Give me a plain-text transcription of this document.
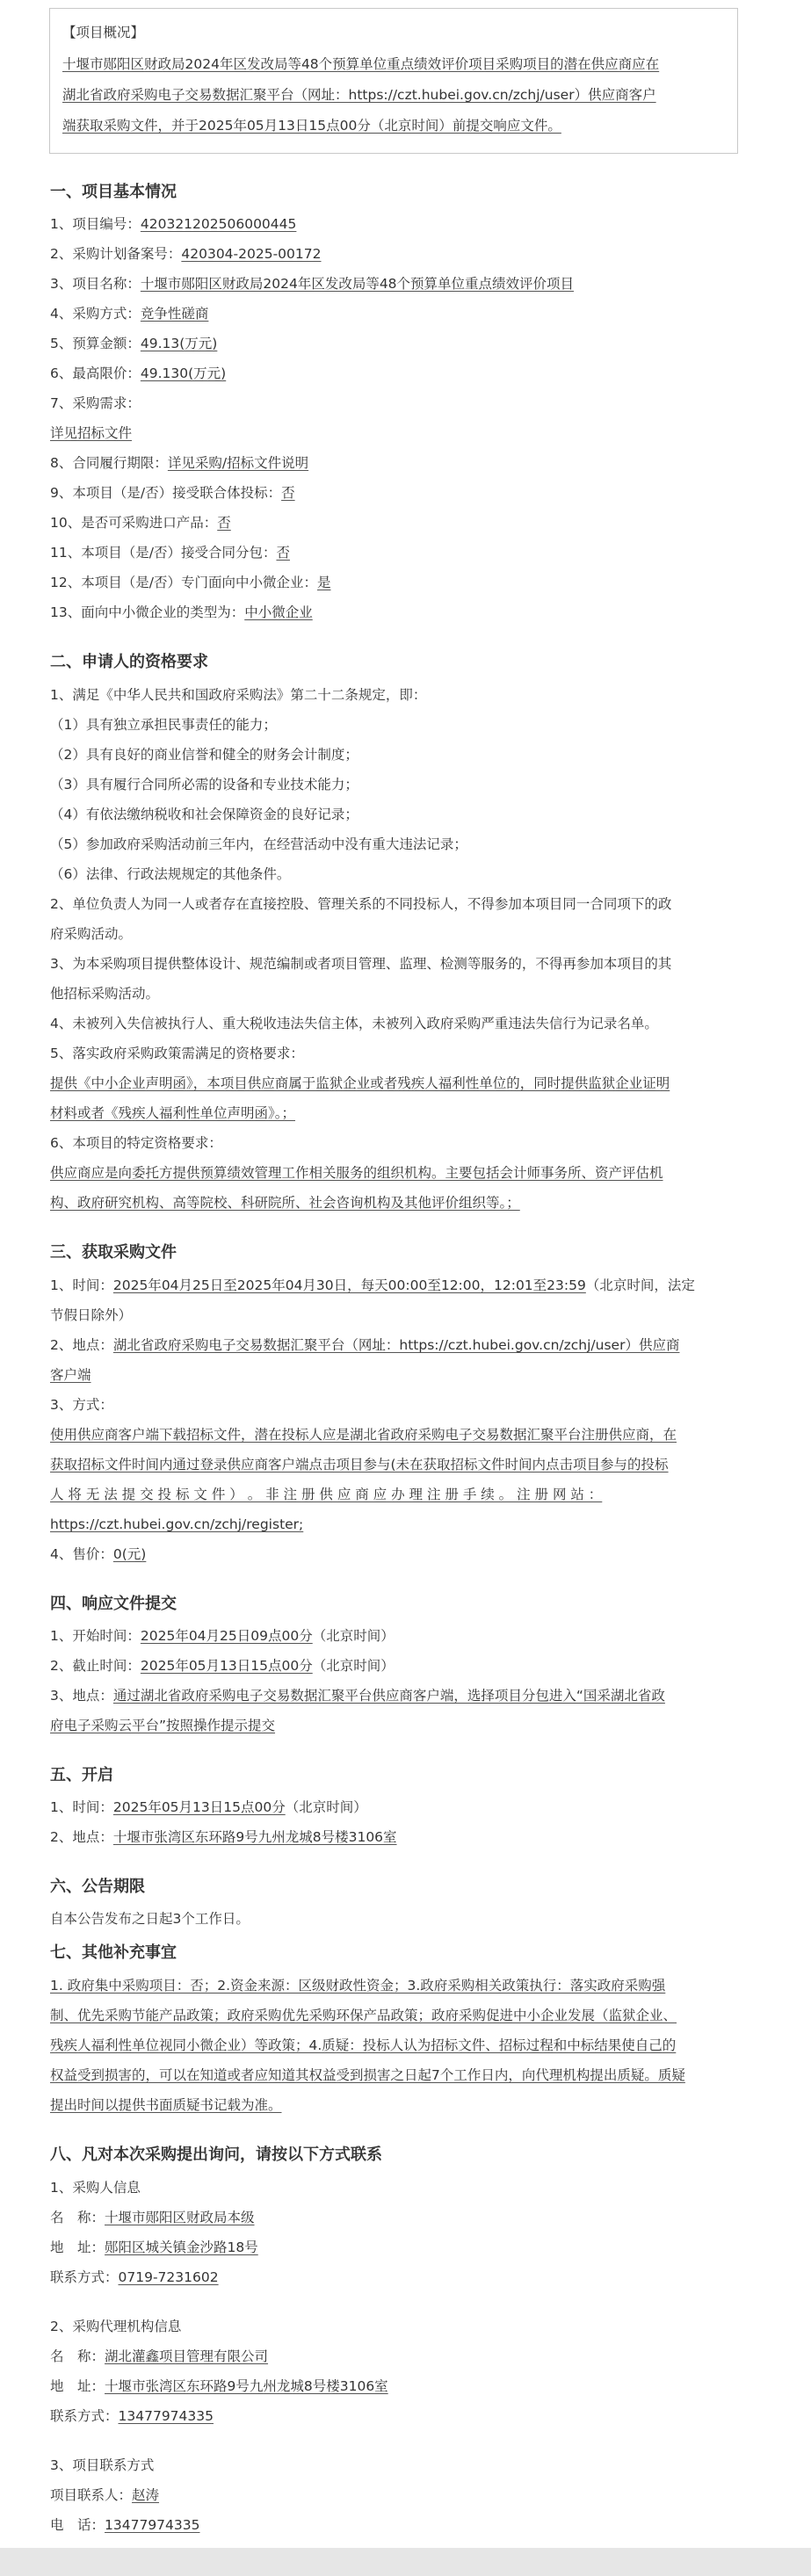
【项目概况】
十堰市郧阳区财政局2024年区发改局等48个预算单位重点绩效评价项目采购项目的潜在供应商应在
湖北省政府采购电子交易数据汇聚平台（网址：https://czt.hubei.gov.cn/zchj/user）供应商客户
端获取采购文件，并于2025年05月13日15点00分（北京时间）前提交响应文件。
一、项目基本情况
1、项目编号：420321202506000445
2、采购计划备案号：420304-2025-00172
3、项目名称：十堰市郧阳区财政局2024年区发改局等48个预算单位重点绩效评价项目
4、采购方式：竞争性磋商
5、预算金额：49.13(万元)
6、最高限价：49.130(万元)
7、采购需求：
详见招标文件
8、合同履行期限：详见采购/招标文件说明
9、本项目（是/否）接受联合体投标：否
10、是否可采购进口产品：否
11、本项目（是/否）接受合同分包：否
12、本项目（是/否）专门面向中小微企业：是
13、面向中小微企业的类型为：中小微企业
二、申请人的资格要求
1、满足《中华人民共和国政府采购法》第二十二条规定，即：
（1）具有独立承担民事责任的能力；
（2）具有良好的商业信誉和健全的财务会计制度；
（3）具有履行合同所必需的设备和专业技术能力；
（4）有依法缴纳税收和社会保障资金的良好记录；
（5）参加政府采购活动前三年内，在经营活动中没有重大违法记录；
（6）法律、行政法规规定的其他条件。
2、单位负责人为同一人或者存在直接控股、管理关系的不同投标人，不得参加本项目同一合同项下的政
府采购活动。
3、为本采购项目提供整体设计、规范编制或者项目管理、监理、检测等服务的，不得再参加本项目的其
他招标采购活动。
4、未被列入失信被执行人、重大税收违法失信主体，未被列入政府采购严重违法失信行为记录名单。
5、落实政府采购政策需满足的资格要求：
提供《中小企业声明函》，本项目供应商属于监狱企业或者残疾人福利性单位的，同时提供监狱企业证明
材料或者《残疾人福利性单位声明函》。；
6、本项目的特定资格要求：
供应商应是向委托方提供预算绩效管理工作相关服务的组织机构。主要包括会计师事务所、资产评估机
构、政府研究机构、高等院校、科研院所、社会咨询机构及其他评价组织等。；
三、获取采购文件
1、时间：2025年04月25日至2025年04月30日，每天00:00至12:00，12:01至23:59（北京时间，法定
节假日除外）
2、地点：湖北省政府采购电子交易数据汇聚平台（网址：https://czt.hubei.gov.cn/zchj/user）供应商
客户端
3、方式：
使用供应商客户端下载招标文件，潜在投标人应是湖北省政府采购电子交易数据汇聚平台注册供应商，在
获取招标文件时间内通过登录供应商客户端点击项目参与(未在获取招标文件时间内点击项目参与的投标
人 将 无 法 提 交 投 标 文 件 ） 。 非 注 册 供 应 商 应 办 理 注 册 手 续 。 注 册 网 站 ：
https://czt.hubei.gov.cn/zchj/register;
4、售价：0(元)
四、响应文件提交
1、开始时间：2025年04月25日09点00分（北京时间）
2、截止时间：2025年05月13日15点00分（北京时间）
3、地点：通过湖北省政府采购电子交易数据汇聚平台供应商客户端，选择项目分包进入“国采湖北省政
府电子采购云平台”按照操作提示提交
五、开启
1、时间：2025年05月13日15点00分（北京时间）
2、地点：十堰市张湾区东环路9号九州龙城8号楼3106室
六、公告期限
自本公告发布之日起3个工作日。
七、其他补充事宜
1. 政府集中采购项目：否；2.资金来源：区级财政性资金；3.政府采购相关政策执行：落实政府采购强
制、优先采购节能产品政策；政府采购优先采购环保产品政策；政府采购促进中小企业发展（监狱企业、
残疾人福利性单位视同小微企业）等政策；4.质疑：投标人认为招标文件、招标过程和中标结果使自己的
权益受到损害的，可以在知道或者应知道其权益受到损害之日起7个工作日内，向代理机构提出质疑。质疑
提出时间以提供书面质疑书记载为准。
八、凡对本次采购提出询问，请按以下方式联系
1、采购人信息
名　称：十堰市郧阳区财政局本级
地　址：郧阳区城关镇金沙路18号
联系方式：0719-7231602
2、采购代理机构信息
名　称：湖北灌鑫项目管理有限公司
地　址：十堰市张湾区东环路9号九州龙城8号楼3106室
联系方式：13477974335
3、项目联系方式
项目联系人：赵涛
电　话：13477974335
